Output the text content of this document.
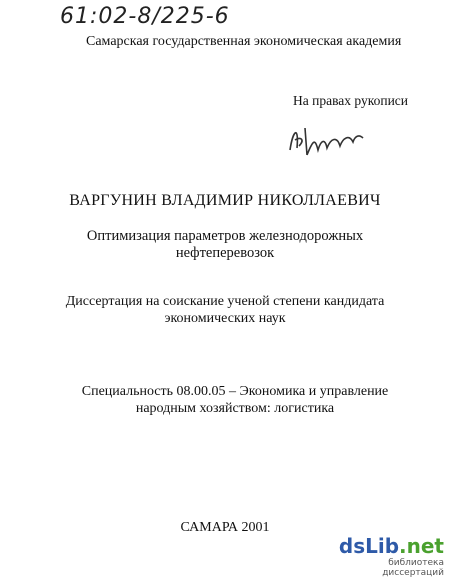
61:02-8/225-6
Самарская государственная экономическая академия
На правах рукописи
ВАРГУНИН ВЛАДИМИР НИКОЛЛАЕВИЧ
Оптимизация параметров железнодорожных
нефтеперевозок
Диссертация на соискание ученой степени кандидата
экономических наук
Специальность 08.00.05 – Экономика и управление
народным хозяйством: логистика
САМАРА 2001
dsLib.net
библиотека диссертаций
